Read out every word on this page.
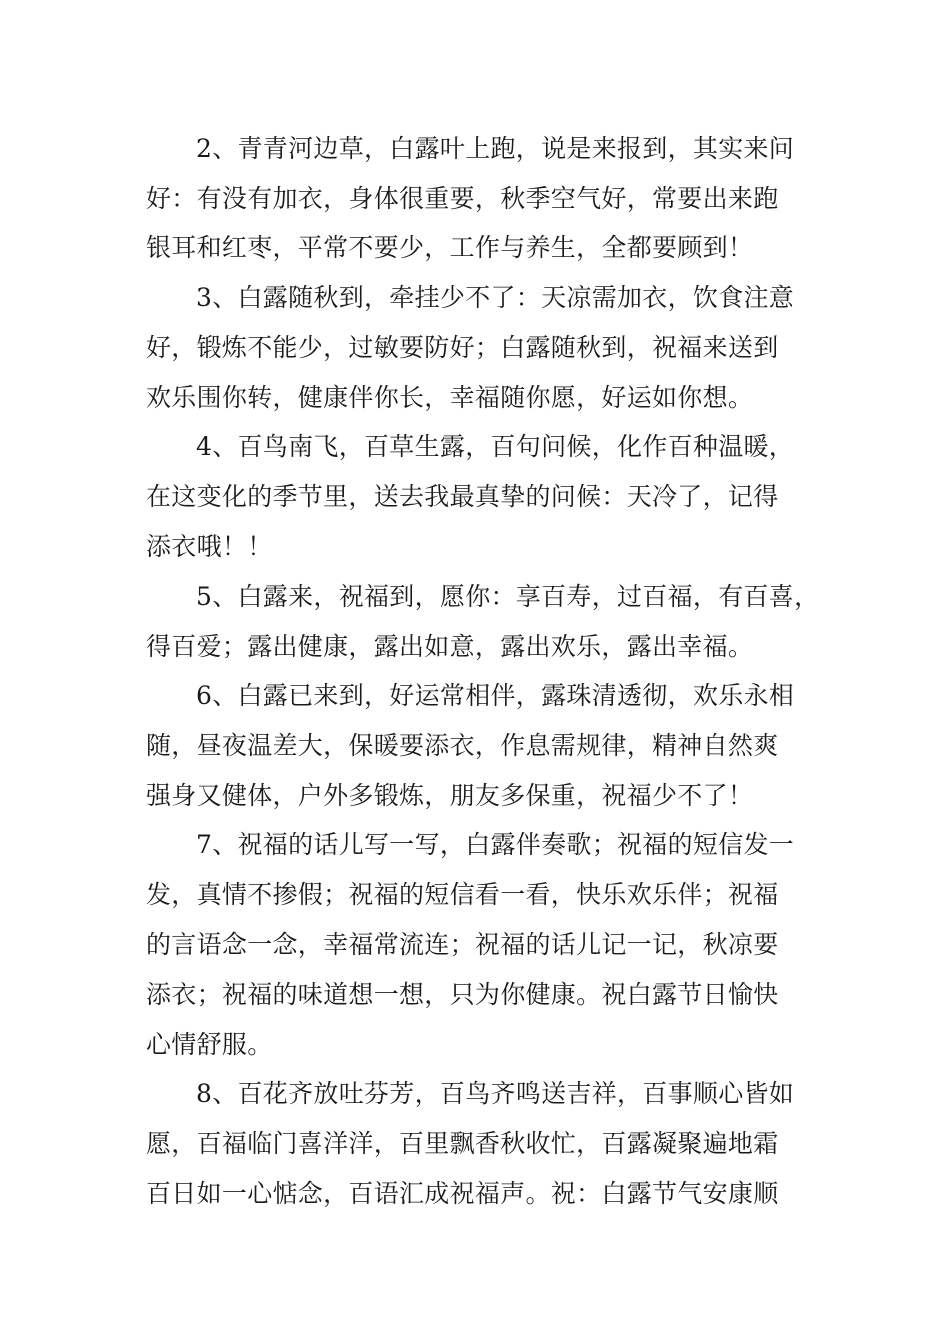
2、青青河边草，白露叶上跑，说是来报到，其实来问
好：有没有加衣，身体很重要，秋季空气好，常要出来跑
银耳和红枣，平常不要少，工作与养生，全都要顾到！
3、白露随秋到，牵挂少不了：天凉需加衣，饮食注意
好，锻炼不能少，过敏要防好；白露随秋到，祝福来送到
欢乐围你转，健康伴你长，幸福随你愿，好运如你想。
4、百鸟南飞，百草生露，百句问候，化作百种温暖，
在这变化的季节里，送去我最真挚的问候：天冷了，记得
添衣哦！！
5、白露来，祝福到，愿你：享百寿，过百福，有百喜，
得百爱；露出健康，露出如意，露出欢乐，露出幸福。
6、白露已来到，好运常相伴，露珠清透彻，欢乐永相
随，昼夜温差大，保暖要添衣，作息需规律，精神自然爽
强身又健体，户外多锻炼，朋友多保重，祝福少不了！
7、祝福的话儿写一写，白露伴奏歌；祝福的短信发一
发，真情不掺假；祝福的短信看一看，快乐欢乐伴；祝福
的言语念一念，幸福常流连；祝福的话儿记一记，秋凉要
添衣；祝福的味道想一想，只为你健康。祝白露节日愉快
心情舒服。
8、百花齐放吐芬芳，百鸟齐鸣送吉祥，百事顺心皆如
愿，百福临门喜洋洋，百里飘香秋收忙，百露凝聚遍地霜
百日如一心惦念，百语汇成祝福声。祝：白露节气安康顺
